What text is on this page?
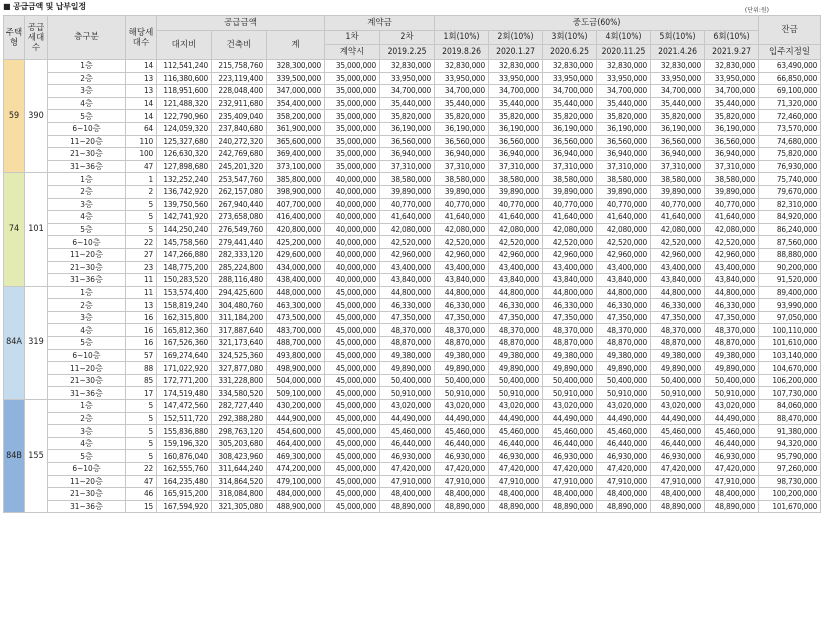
■ 공급금액 및 납부일정	(단위:원)
주택형	공급세대수	층구분	해당세대수	공급금액			계약금		중도금(60%)						잔금
				대지비	건축비	계	1차	2차	1회(10%)	2회(10%)	3회(10%)	4회(10%)	5회(10%)	6회(10%)	
							계약시	2019.2.25	2019.8.26	2020.1.27	2020.6.25	2020.11.25	2021.4.26	2021.9.27	입주지정일
59	390	1층	14	112,541,240	215,758,760	328,300,000	35,000,000	32,830,000	32,830,000	32,830,000	32,830,000	32,830,000	32,830,000	32,830,000	63,490,000
		2층	13	116,380,600	223,119,400	339,500,000	35,000,000	33,950,000	33,950,000	33,950,000	33,950,000	33,950,000	33,950,000	33,950,000	66,850,000
		3층	13	118,951,600	228,048,400	347,000,000	35,000,000	34,700,000	34,700,000	34,700,000	34,700,000	34,700,000	34,700,000	34,700,000	69,100,000
		4층	14	121,488,320	232,911,680	354,400,000	35,000,000	35,440,000	35,440,000	35,440,000	35,440,000	35,440,000	35,440,000	35,440,000	71,320,000
		5층	14	122,790,960	235,409,040	358,200,000	35,000,000	35,820,000	35,820,000	35,820,000	35,820,000	35,820,000	35,820,000	35,820,000	72,460,000
		6~10층	64	124,059,320	237,840,680	361,900,000	35,000,000	36,190,000	36,190,000	36,190,000	36,190,000	36,190,000	36,190,000	36,190,000	73,570,000
		11~20층	110	125,327,680	240,272,320	365,600,000	35,000,000	36,560,000	36,560,000	36,560,000	36,560,000	36,560,000	36,560,000	36,560,000	74,680,000
		21~30층	100	126,630,320	242,769,680	369,400,000	35,000,000	36,940,000	36,940,000	36,940,000	36,940,000	36,940,000	36,940,000	36,940,000	75,820,000
		31~36층	47	127,898,680	245,201,320	373,100,000	35,000,000	37,310,000	37,310,000	37,310,000	37,310,000	37,310,000	37,310,000	37,310,000	76,930,000
74	101	1층	1	132,252,240	253,547,760	385,800,000	40,000,000	38,580,000	38,580,000	38,580,000	38,580,000	38,580,000	38,580,000	38,580,000	75,740,000
		2층	2	136,742,920	262,157,080	398,900,000	40,000,000	39,890,000	39,890,000	39,890,000	39,890,000	39,890,000	39,890,000	39,890,000	79,670,000
		3층	5	139,750,560	267,940,440	407,700,000	40,000,000	40,770,000	40,770,000	40,770,000	40,770,000	40,770,000	40,770,000	40,770,000	82,310,000
		4층	5	142,741,920	273,658,080	416,400,000	40,000,000	41,640,000	41,640,000	41,640,000	41,640,000	41,640,000	41,640,000	41,640,000	84,920,000
		5층	5	144,250,240	276,549,760	420,800,000	40,000,000	42,080,000	42,080,000	42,080,000	42,080,000	42,080,000	42,080,000	42,080,000	86,240,000
		6~10층	22	145,758,560	279,441,440	425,200,000	40,000,000	42,520,000	42,520,000	42,520,000	42,520,000	42,520,000	42,520,000	42,520,000	87,560,000
		11~20층	27	147,266,880	282,333,120	429,600,000	40,000,000	42,960,000	42,960,000	42,960,000	42,960,000	42,960,000	42,960,000	42,960,000	88,880,000
		21~30층	23	148,775,200	285,224,800	434,000,000	40,000,000	43,400,000	43,400,000	43,400,000	43,400,000	43,400,000	43,400,000	43,400,000	90,200,000
		31~36층	11	150,283,520	288,116,480	438,400,000	40,000,000	43,840,000	43,840,000	43,840,000	43,840,000	43,840,000	43,840,000	43,840,000	91,520,000
84A	319	1층	11	153,574,400	294,425,600	448,000,000	45,000,000	44,800,000	44,800,000	44,800,000	44,800,000	44,800,000	44,800,000	44,800,000	89,400,000
		2층	13	158,819,240	304,480,760	463,300,000	45,000,000	46,330,000	46,330,000	46,330,000	46,330,000	46,330,000	46,330,000	46,330,000	93,990,000
		3층	16	162,315,800	311,184,200	473,500,000	45,000,000	47,350,000	47,350,000	47,350,000	47,350,000	47,350,000	47,350,000	47,350,000	97,050,000
		4층	16	165,812,360	317,887,640	483,700,000	45,000,000	48,370,000	48,370,000	48,370,000	48,370,000	48,370,000	48,370,000	48,370,000	100,110,000
		5층	16	167,526,360	321,173,640	488,700,000	45,000,000	48,870,000	48,870,000	48,870,000	48,870,000	48,870,000	48,870,000	48,870,000	101,610,000
		6~10층	57	169,274,640	324,525,360	493,800,000	45,000,000	49,380,000	49,380,000	49,380,000	49,380,000	49,380,000	49,380,000	49,380,000	103,140,000
		11~20층	88	171,022,920	327,877,080	498,900,000	45,000,000	49,890,000	49,890,000	49,890,000	49,890,000	49,890,000	49,890,000	49,890,000	104,670,000
		21~30층	85	172,771,200	331,228,800	504,000,000	45,000,000	50,400,000	50,400,000	50,400,000	50,400,000	50,400,000	50,400,000	50,400,000	106,200,000
		31~36층	17	174,519,480	334,580,520	509,100,000	45,000,000	50,910,000	50,910,000	50,910,000	50,910,000	50,910,000	50,910,000	50,910,000	107,730,000
84B	155	1층	5	147,472,560	282,727,440	430,200,000	45,000,000	43,020,000	43,020,000	43,020,000	43,020,000	43,020,000	43,020,000	43,020,000	84,060,000
		2층	5	152,511,720	292,388,280	444,900,000	45,000,000	44,490,000	44,490,000	44,490,000	44,490,000	44,490,000	44,490,000	44,490,000	88,470,000
		3층	5	155,836,880	298,763,120	454,600,000	45,000,000	45,460,000	45,460,000	45,460,000	45,460,000	45,460,000	45,460,000	45,460,000	91,380,000
		4층	5	159,196,320	305,203,680	464,400,000	45,000,000	46,440,000	46,440,000	46,440,000	46,440,000	46,440,000	46,440,000	46,440,000	94,320,000
		5층	5	160,876,040	308,423,960	469,300,000	45,000,000	46,930,000	46,930,000	46,930,000	46,930,000	46,930,000	46,930,000	46,930,000	95,790,000
		6~10층	22	162,555,760	311,644,240	474,200,000	45,000,000	47,420,000	47,420,000	47,420,000	47,420,000	47,420,000	47,420,000	47,420,000	97,260,000
		11~20층	47	164,235,480	314,864,520	479,100,000	45,000,000	47,910,000	47,910,000	47,910,000	47,910,000	47,910,000	47,910,000	47,910,000	98,730,000
		21~30층	46	165,915,200	318,084,800	484,000,000	45,000,000	48,400,000	48,400,000	48,400,000	48,400,000	48,400,000	48,400,000	48,400,000	100,200,000
		31~36층	15	167,594,920	321,305,080	488,900,000	45,000,000	48,890,000	48,890,000	48,890,000	48,890,000	48,890,000	48,890,000	48,890,000	101,670,000
